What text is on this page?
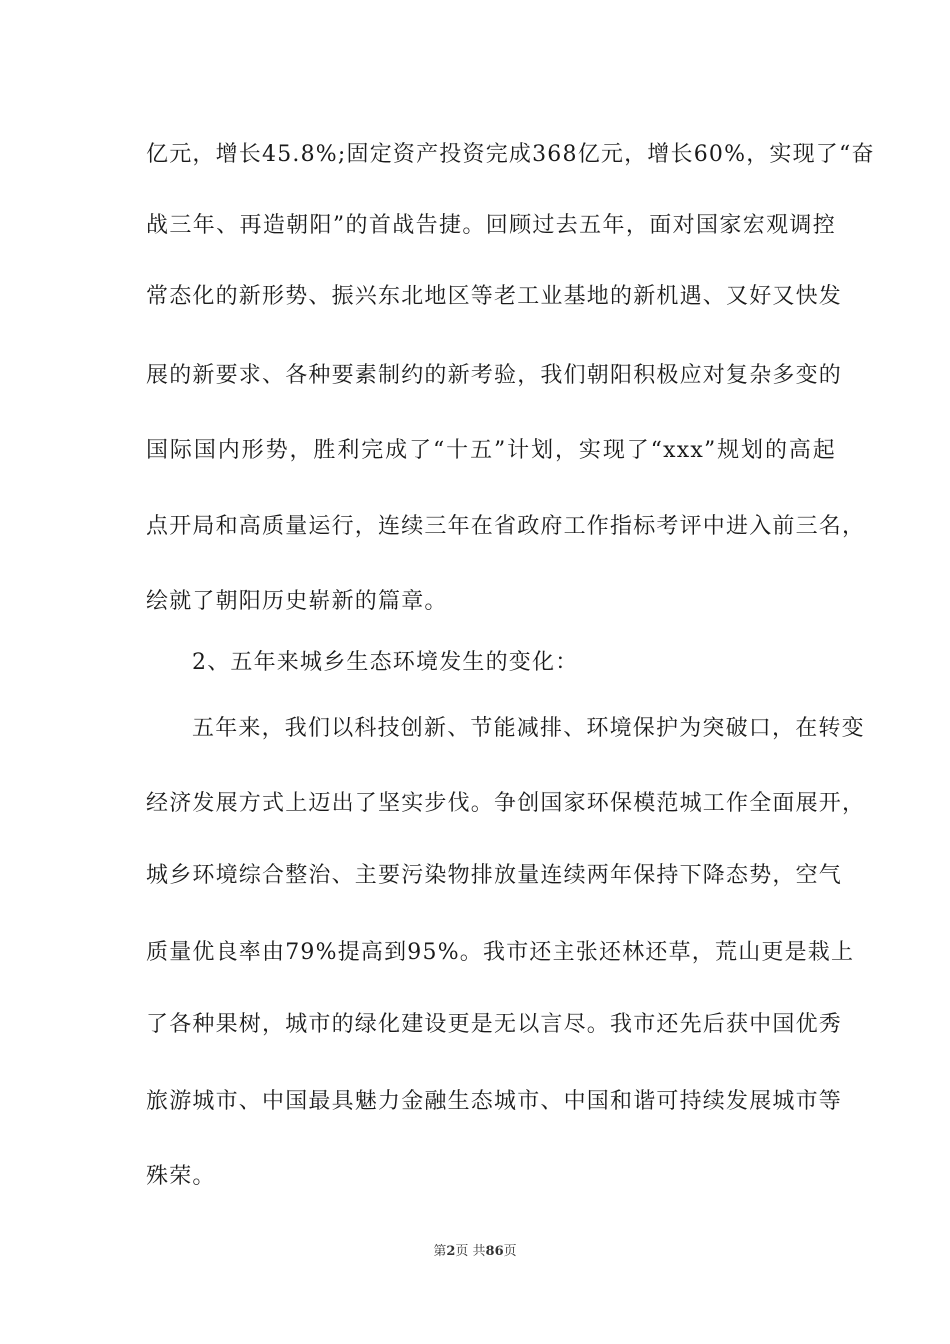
亿元，增长45.8%;固定资产投资完成368亿元，增长60%，实现了“奋
战三年、再造朝阳”的首战告捷。回顾过去五年，面对国家宏观调控
常态化的新形势、振兴东北地区等老工业基地的新机遇、又好又快发
展的新要求、各种要素制约的新考验，我们朝阳积极应对复杂多变的
国际国内形势，胜利完成了“十五”计划，实现了“xxx”规划的高起
点开局和高质量运行，连续三年在省政府工作指标考评中进入前三名，
绘就了朝阳历史崭新的篇章。
2、五年来城乡生态环境发生的变化：
五年来，我们以科技创新、节能减排、环境保护为突破口，在转变
经济发展方式上迈出了坚实步伐。争创国家环保模范城工作全面展开，
城乡环境综合整治、主要污染物排放量连续两年保持下降态势，空气
质量优良率由79%提高到95%。我市还主张还林还草，荒山更是栽上
了各种果树，城市的绿化建设更是无以言尽。我市还先后获中国优秀
旅游城市、中国最具魅力金融生态城市、中国和谐可持续发展城市等
殊荣。
第2页 共86页
